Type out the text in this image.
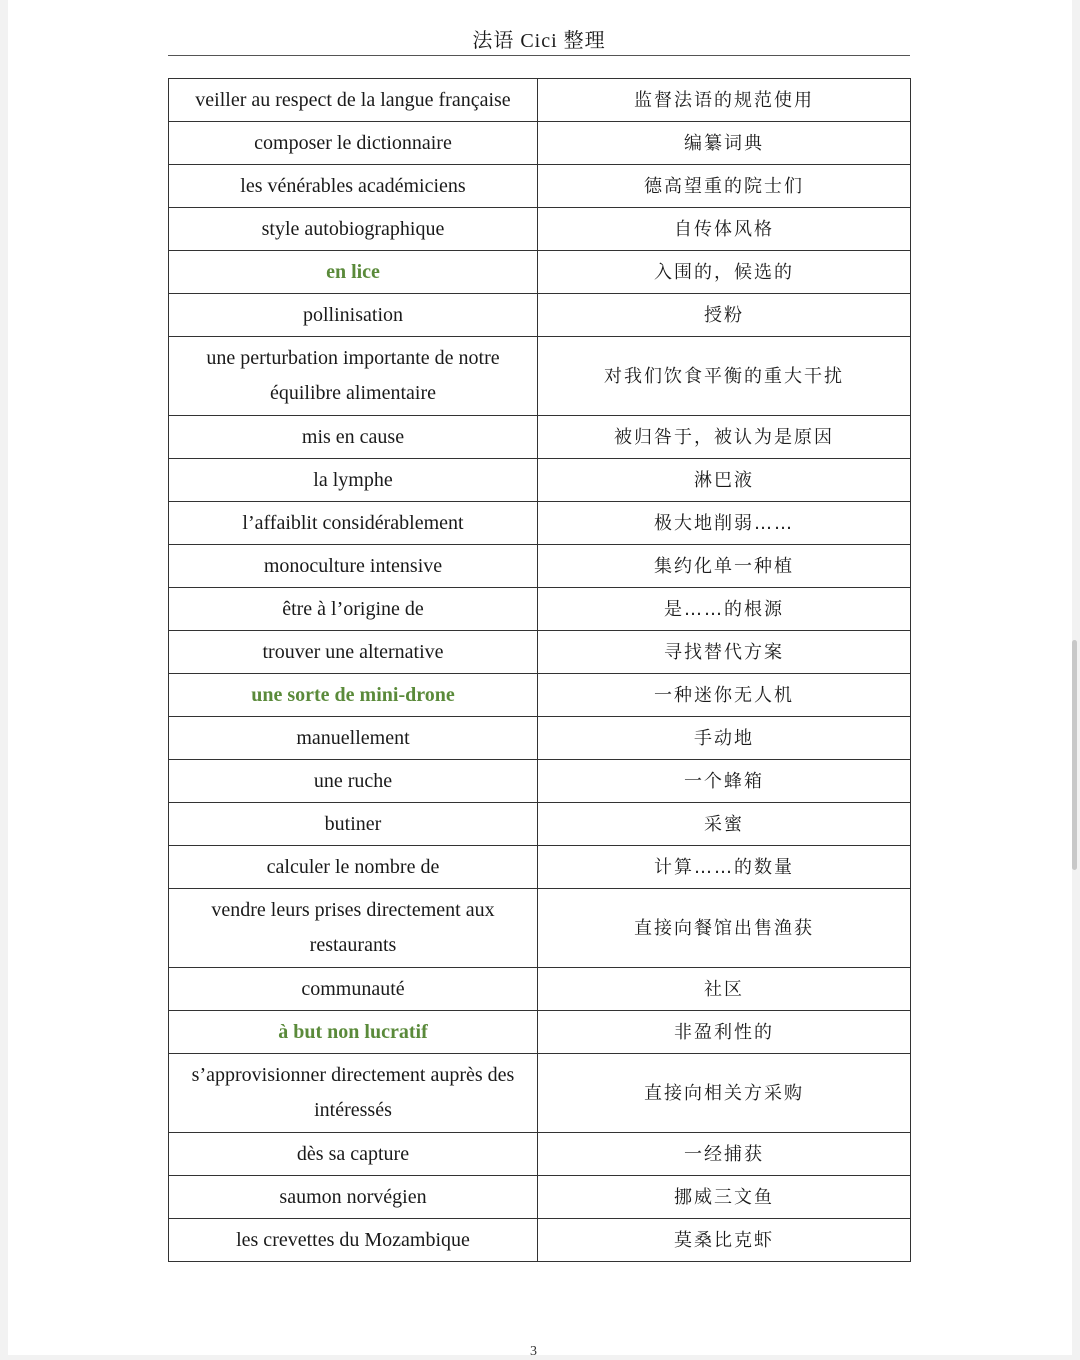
法语 Cici 整理
veiller au respect de la langue française	监督法语的规范使用
composer le dictionnaire	编纂词典
les vénérables académiciens	德高望重的院士们
style autobiographique	自传体风格
en lice	入围的，候选的
pollinisation	授粉
une perturbation importante de notre équilibre alimentaire	对我们饮食平衡的重大干扰
mis en cause	被归咎于，被认为是原因
la lymphe	淋巴液
l’affaiblit considérablement	极大地削弱……
monoculture intensive	集约化单一种植
être à l’origine de	是……的根源
trouver une alternative	寻找替代方案
une sorte de mini-drone	一种迷你无人机
manuellement	手动地
une ruche	一个蜂箱
butiner	采蜜
calculer le nombre de	计算……的数量
vendre leurs prises directement aux restaurants	直接向餐馆出售渔获
communauté	社区
à but non lucratif	非盈利性的
s’approvisionner directement auprès des intéressés	直接向相关方采购
dès sa capture	一经捕获
saumon norvégien	挪威三文鱼
les crevettes du Mozambique	莫桑比克虾
3
